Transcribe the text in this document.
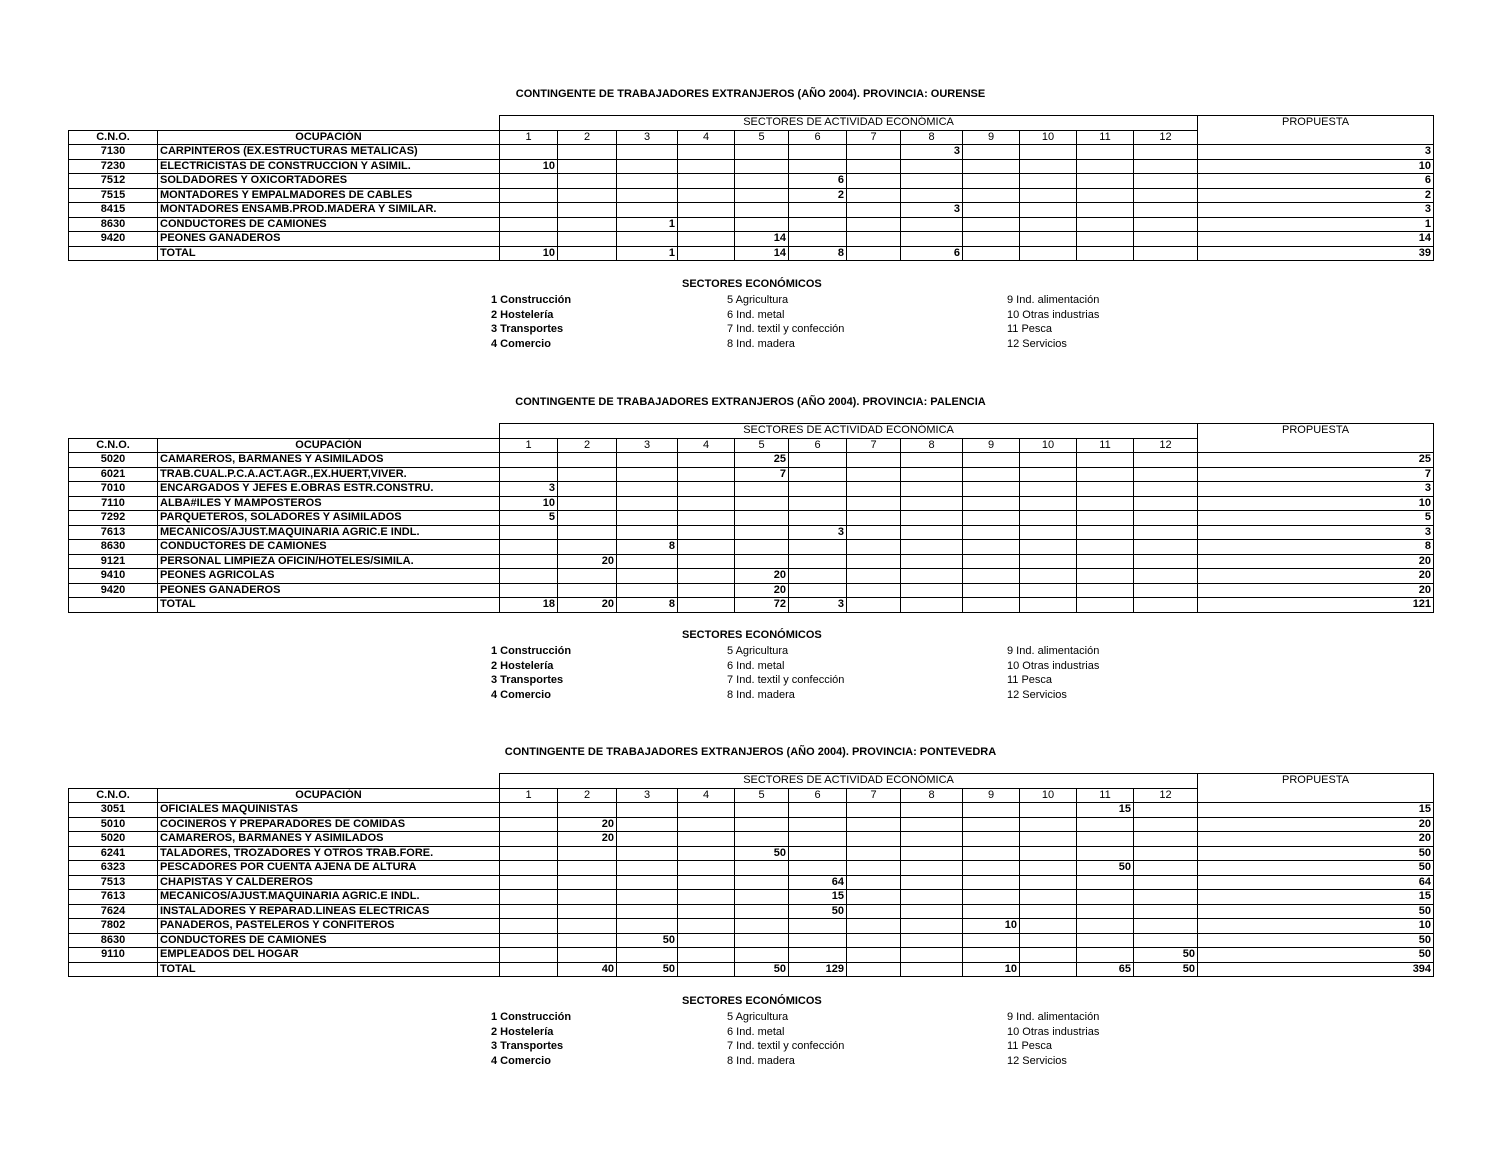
CONTINGENTE DE TRABAJADORES EXTRANJEROS (AÑO 2004). PROVINCIA: OURENSE
		SECTORES DE ACTIVIDAD ECONÓMICA												PROPUESTA
C.N.O.	OCUPACIÓN	1	2	3	4	5	6	7	8	9	10	11	12	
7130	CARPINTEROS (EX.ESTRUCTURAS METALICAS)								3					3
7230	ELECTRICISTAS DE CONSTRUCCION Y ASIMIL.	10												10
7512	SOLDADORES Y OXICORTADORES						6							6
7515	MONTADORES Y EMPALMADORES DE CABLES						2							2
8415	MONTADORES ENSAMB.PROD.MADERA Y SIMILAR.								3					3
8630	CONDUCTORES DE CAMIONES			1										1
9420	PEONES GANADEROS					14								14
	TOTAL	10		1		14	8		6					39
SECTORES ECONÓMICOS
1 Construcción
2 Hostelería
3 Transportes
4 Comercio
5 Agricultura
6 Ind. metal
7 Ind. textil y confección
8 Ind. madera
9 Ind. alimentación
10 Otras industrias
11 Pesca
12 Servicios
CONTINGENTE DE TRABAJADORES EXTRANJEROS (AÑO 2004). PROVINCIA: PALENCIA
		SECTORES DE ACTIVIDAD ECONÓMICA												PROPUESTA
C.N.O.	OCUPACIÓN	1	2	3	4	5	6	7	8	9	10	11	12	
5020	CAMAREROS, BARMANES Y ASIMILADOS					25								25
6021	TRAB.CUAL.P.C.A.ACT.AGR.,EX.HUERT,VIVER.					7								7
7010	ENCARGADOS Y JEFES E.OBRAS ESTR.CONSTRU.	3												3
7110	ALBA#ILES Y MAMPOSTEROS	10												10
7292	PARQUETEROS, SOLADORES Y ASIMILADOS	5												5
7613	MECANICOS/AJUST.MAQUINARIA AGRIC.E INDL.						3							3
8630	CONDUCTORES DE CAMIONES			8										8
9121	PERSONAL LIMPIEZA OFICIN/HOTELES/SIMILA.		20											20
9410	PEONES AGRICOLAS					20								20
9420	PEONES GANADEROS					20								20
	TOTAL	18	20	8		72	3							121
SECTORES ECONÓMICOS
1 Construcción
2 Hostelería
3 Transportes
4 Comercio
5 Agricultura
6 Ind. metal
7 Ind. textil y confección
8 Ind. madera
9 Ind. alimentación
10 Otras industrias
11 Pesca
12 Servicios
CONTINGENTE DE TRABAJADORES EXTRANJEROS (AÑO 2004). PROVINCIA: PONTEVEDRA
		SECTORES DE ACTIVIDAD ECONÓMICA												PROPUESTA
C.N.O.	OCUPACIÓN	1	2	3	4	5	6	7	8	9	10	11	12	
3051	OFICIALES MAQUINISTAS											15		15
5010	COCINEROS Y PREPARADORES DE COMIDAS		20											20
5020	CAMAREROS, BARMANES Y ASIMILADOS		20											20
6241	TALADORES, TROZADORES Y OTROS TRAB.FORE.					50								50
6323	PESCADORES POR CUENTA AJENA DE ALTURA											50		50
7513	CHAPISTAS Y CALDEREROS						64							64
7613	MECANICOS/AJUST.MAQUINARIA AGRIC.E INDL.						15							15
7624	INSTALADORES Y REPARAD.LINEAS ELECTRICAS						50							50
7802	PANADEROS, PASTELEROS Y CONFITEROS									10				10
8630	CONDUCTORES DE CAMIONES			50										50
9110	EMPLEADOS DEL HOGAR												50	50
	TOTAL		40	50		50	129			10		65	50	394
SECTORES ECONÓMICOS
1 Construcción
2 Hostelería
3 Transportes
4 Comercio
5 Agricultura
6 Ind. metal
7 Ind. textil y confección
8 Ind. madera
9 Ind. alimentación
10 Otras industrias
11 Pesca
12 Servicios
